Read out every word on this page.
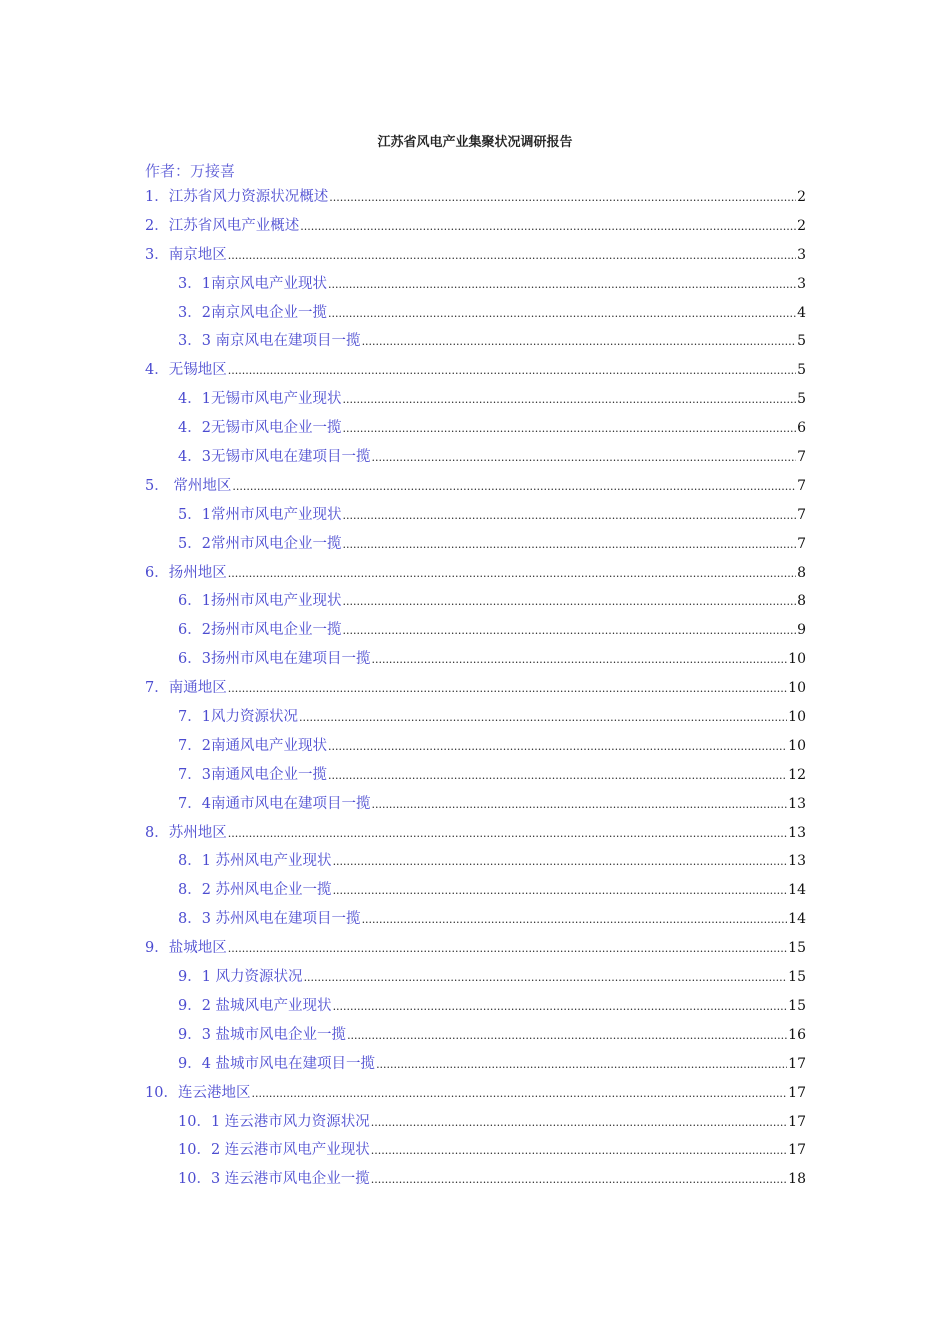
江苏省风电产业集聚状况调研报告
作者：万接喜
1．江苏省风力资源状况概述 .....	2
2．江苏省风电产业概述 .....	2
3．南京地区 .....	3
3．1南京风电产业现状 .....	3
3．2南京风电企业一揽 .....	4
3．3 南京风电在建项目一揽 .....	5
4．无锡地区 .....	5
4．1无锡市风电产业现状 .....	5
4．2无锡市风电企业一揽 .....	6
4．3无锡市风电在建项目一揽 .....	7
5． 常州地区 .....	7
5．1常州市风电产业现状 .....	7
5．2常州市风电企业一揽 .....	7
6．扬州地区 .....	8
6．1扬州市风电产业现状 .....	8
6．2扬州市风电企业一揽 .....	9
6．3扬州市风电在建项目一揽 .....	10
7．南通地区 .....	10
7．1风力资源状况 .....	10
7．2南通风电产业现状 .....	10
7．3南通风电企业一揽 .....	12
7．4南通市风电在建项目一揽 .....	13
8．苏州地区 .....	13
8．1 苏州风电产业现状 .....	13
8．2 苏州风电企业一揽 .....	14
8．3 苏州风电在建项目一揽 .....	14
9．盐城地区 .....	15
9．1 风力资源状况 .....	15
9．2 盐城风电产业现状 .....	15
9．3 盐城市风电企业一揽 .....	16
9．4 盐城市风电在建项目一揽 .....	17
10．连云港地区 .....	17
10．1 连云港市风力资源状况 .....	17
10．2 连云港市风电产业现状 .....	17
10．3 连云港市风电企业一揽 .....	18
